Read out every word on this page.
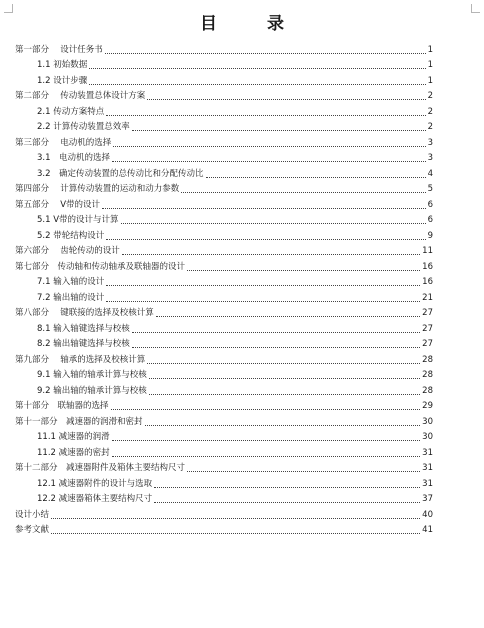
目 录
第一部分　 设计任务书	1
1.1 初始数据	1
1.2 设计步骤	1
第二部分　 传动装置总体设计方案	2
2.1 传动方案特点	2
2.2 计算传动装置总效率	2
第三部分　 电动机的选择	3
3.1　电动机的选择	3
3.2　确定传动装置的总传动比和分配传动比	4
第四部分　 计算传动装置的运动和动力参数	5
第五部分　 V带的设计	6
5.1 V带的设计与计算	6
5.2 带轮结构设计	9
第六部分　 齿轮传动的设计	11
第七部分　传动轴和传动轴承及联轴器的设计	16
7.1 输入轴的设计	16
7.2 输出轴的设计	21
第八部分　 键联接的选择及校核计算	27
8.1 输入轴键选择与校核	27
8.2 输出轴键选择与校核	27
第九部分　 轴承的选择及校核计算	28
9.1 输入轴的轴承计算与校核	28
9.2 输出轴的轴承计算与校核	28
第十部分　联轴器的选择	29
第十一部分　减速器的润滑和密封	30
11.1 减速器的润滑	30
11.2 减速器的密封	31
第十二部分　减速器附件及箱体主要结构尺寸	31
12.1 减速器附件的设计与选取	31
12.2 减速器箱体主要结构尺寸	37
设计小结	40
参考文献	41
